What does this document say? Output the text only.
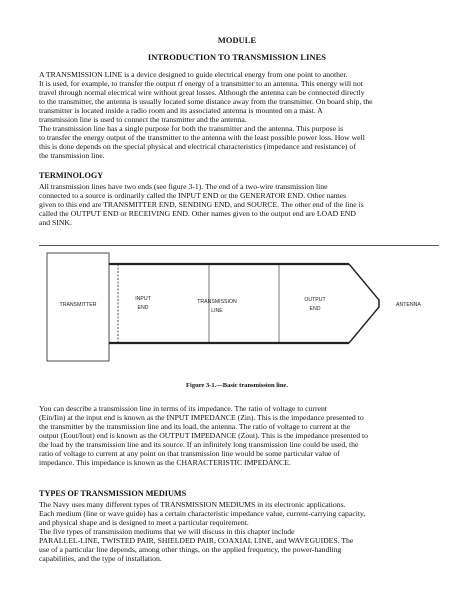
MODULE
INTRODUCTION TO TRANSMISSION LINES
A TRANSMISSION LINE is a device designed to guide electrical energy from one point to another.
It is used, for example, to transfer the output rf energy of a transmitter to an antenna. This energy will not
travel through normal electrical wire without great losses. Although the antenna can be connected directly
to the transmitter, the antenna is usually located some distance away from the transmitter. On board ship, the
transmitter is located inside a radio room and its associated antenna is mounted on a mast. A
transmission line is used to connect the transmitter and the antenna.
The transmission line has a single purpose for both the transmitter and the antenna. This purpose is
to transfer the energy output of the transmitter to the antenna with the least possible power loss. How well
this is done depends on the special physical and electrical characteristics (impedance and resistance) of
the transmission line.
TERMINOLOGY
All transmission lines have two ends (see figure 3-1). The end of a two-wire transmission line
connected to a source is ordinarily called the INPUT END or the GENERATOR END. Other names
given to this end are TRANSMITTER END, SENDING END, and SOURCE. The other end of the line is
called the OUTPUT END or RECEIVING END. Other names given to the output end are LOAD END
and SINK.
TRANSMITTER
INPUT
END
TRANSMISSION
LINE
OUTPUT
END
ANTENNA
Figure 3-1.—Basic transmission line.
You can describe a transmission line in terms of its impedance. The ratio of voltage to current
(Ein/Iin) at the input end is known as the INPUT IMPEDANCE (Zin). This is the impedance presented to
the transmitter by the transmission line and its load, the antenna. The ratio of voltage to current at the
output (Eout/Iout) end is known as the OUTPUT IMPEDANCE (Zout). This is the impedance presented to
the load by the transmission line and its source. If an infinitely long transmission line could be used, the
ratio of voltage to current at any point on that transmission line would be some particular value of
impedance. This impedance is known as the CHARACTERISTIC IMPEDANCE.
TYPES OF TRANSMISSION MEDIUMS
The Navy uses many different types of TRANSMISSION MEDIUMS in its electronic applications.
Each medium (line or wave guide) has a certain characteristic impedance value, current-carrying capacity,
and physical shape and is designed to meet a particular requirement.
The five types of transmission mediums that we will discuss in this chapter include
PARALLEL-LINE, TWISTED PAIR, SHIELDED PAIR, COAXIAL LINE, and WAVEGUIDES. The
use of a particular line depends, among other things, on the applied frequency, the power-handling
capabilities, and the type of installation.
